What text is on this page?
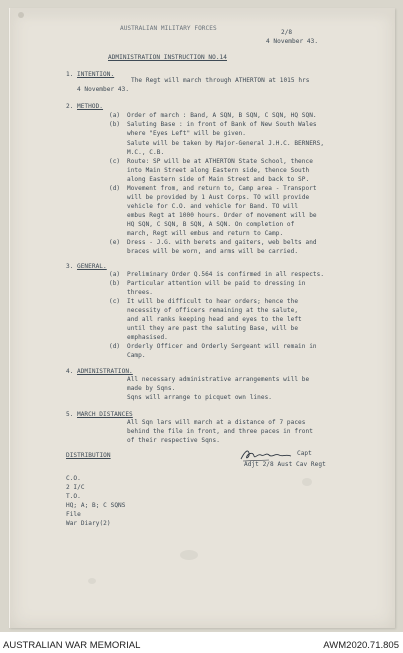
AUSTRALIAN MILITARY FORCES
2/8
4 November 43.
ADMINISTRATION INSTRUCTION NO.14
1. INTENTION.
The Regt will march through ATHERTON at 1015 hrs
4 November 43.
2. METHOD.
(a) Order of march : Band, A SQN, B SQN, C SQN, HQ SQN.
(b) Saluting Base : in front of Bank of New South Wales
where "Eyes Left" will be given.
Salute will be taken by Major-General J.H.C. BERNERS,
M.C., C.B.
(c) Route: SP will be at ATHERTON State School, thence
into Main Street along Eastern side, thence South
along Eastern side of Main Street and back to SP.
(d) Movement from, and return to, Camp area - Transport
will be provided by 1 Aust Corps. TO will provide
vehicle for C.O. and vehicle for Band. TO will
embus Regt at 1000 hours. Order of movement will be
HQ SQN, C SQN, B SQN, A SQN. On completion of
march, Regt will embus and return to Camp.
(e) Dress - J.G. with berets and gaiters, web belts and
braces will be worn, and arms will be carried.
3. GENERAL.
(a) Preliminary Order Q.564 is confirmed in all respects.
(b) Particular attention will be paid to dressing in
threes.
(c) It will be difficult to hear orders; hence the
necessity of officers remaining at the salute,
and all ranks keeping head and eyes to the left
until they are past the saluting Base, will be
emphasised.
(d) Orderly Officer and Orderly Sergeant will remain in
Camp.
4. ADMINISTRATION.
All necessary administrative arrangements will be
made by Sqns.
Sqns will arrange to picquet own lines.
5. MARCH DISTANCES
All Sqn lars will march at a distance of 7 paces
behind the file in front, and three paces in front
of their respective Sqns.
Capt
Adjt 2/8 Aust Cav Regt
DISTRIBUTION
C.O.
2 I/C
T.O.
HQ; A; B; C SQNS
File
War Diary(2)
AUSTRALIAN WAR MEMORIAL	AWM2020.71.805
